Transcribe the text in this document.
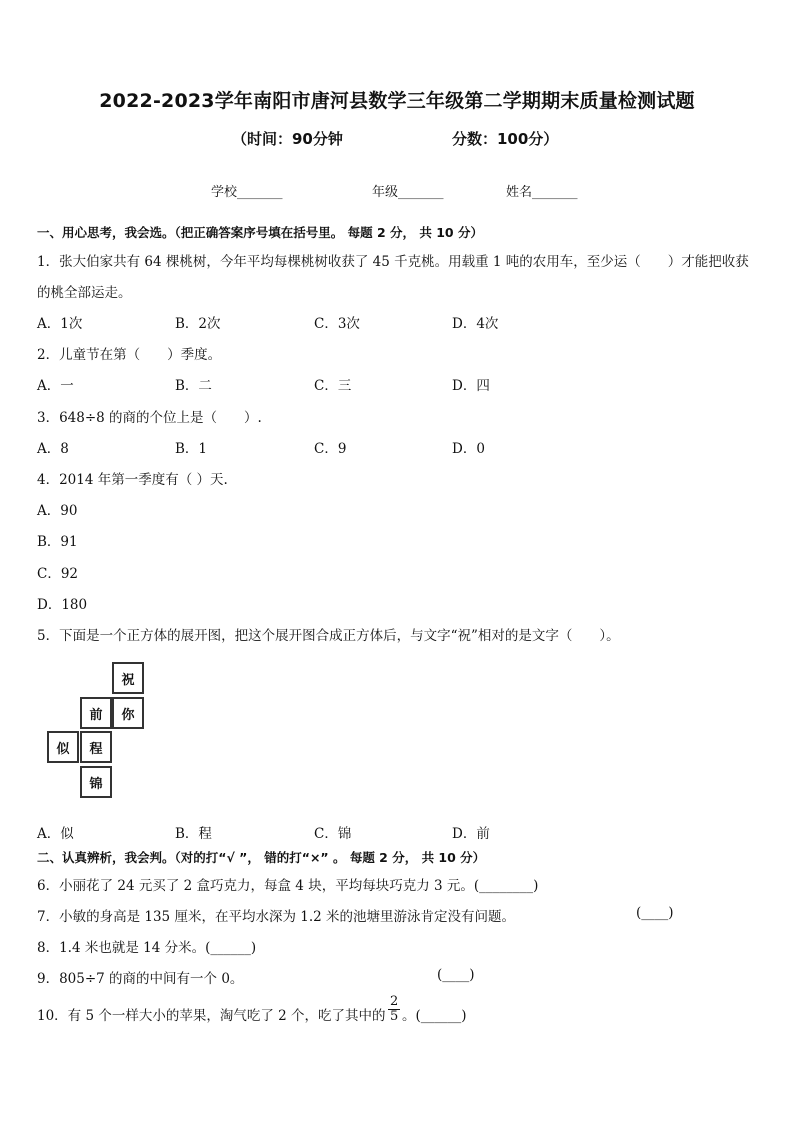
2022-2023学年南阳市唐河县数学三年级第二学期期末质量检测试题
（时间：90分钟	分数：100分）
学校_______	年级_______	姓名_______
一、用心思考，我会选。（把正确答案序号填在括号里。 每题 2 分， 共 10 分）
1．张大伯家共有 64 棵桃树，今年平均每棵桃树收获了 45 千克桃。用载重 1 吨的农用车，至少运（　　）才能把收获
的桃全部运走。
A．1次	B．2次	C．3次	D．4次
2．儿童节在第（　　）季度。
A．一	B．二	C．三	D．四
3．648÷8 的商的个位上是（　　）.
A．8	B．1	C．9	D．0
4．2014 年第一季度有（ ）天.
A．90
B．91
C．92
D．180
5．下面是一个正方体的展开图，把这个展开图合成正方体后，与文字“祝”相对的是文字（　　）。
祝
前	你
似	程
锦
A．似	B．程	C．锦	D．前
二、认真辨析，我会判。（对的打“√ ”， 错的打“×” 。 每题 2 分， 共 10 分）
6．小丽花了 24 元买了 2 盒巧克力，每盒 4 块，平均每块巧克力 3 元。(________)
7．小敏的身高是 135 厘米，在平均水深为 1.2 米的池塘里游泳肯定没有问题。	(____)
8．1.4 米也就是 14 分米。(______)
9．805÷7 的商的中间有一个 0。	(____)
10．有 5 个一样大小的苹果，淘气吃了 2 个，吃了其中的 $\frac{2}{5}$ 。(______)
